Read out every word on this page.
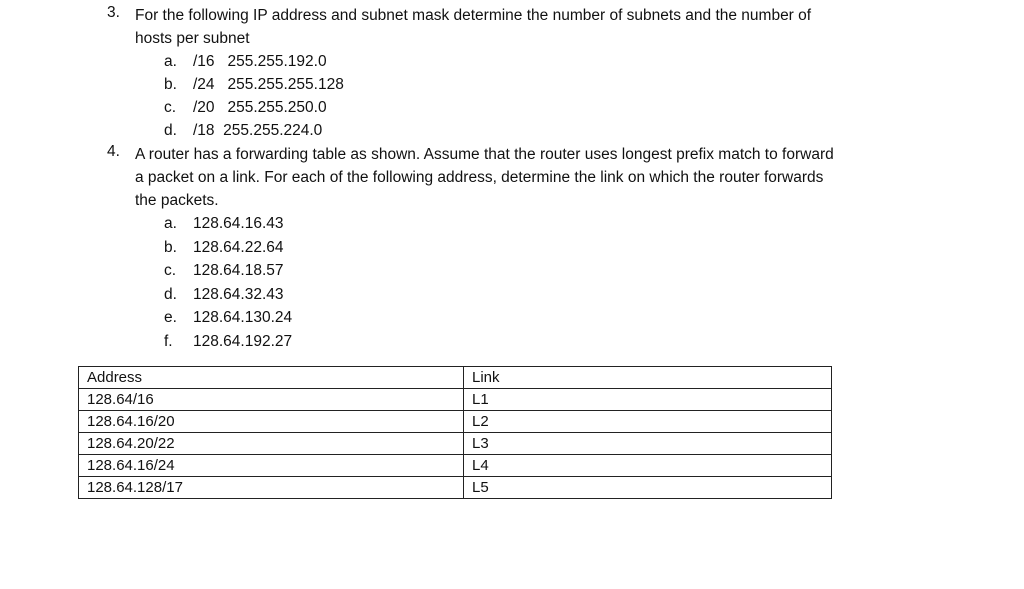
3. For the following IP address and subnet mask determine the number of subnets and the number of hosts per subnet
a. /16   255.255.192.0
b. /24   255.255.255.128
c. /20   255.255.250.0
d. /18  255.255.224.0
4. A router has a forwarding table as shown. Assume that the router uses longest prefix match to forward a packet on a link. For each of the following address, determine the link on which the router forwards the packets.
a. 128.64.16.43
b. 128.64.22.64
c. 128.64.18.57
d. 128.64.32.43
e. 128.64.130.24
f. 128.64.192.27
Address	Link
128.64/16	L1
128.64.16/20	L2
128.64.20/22	L3
128.64.16/24	L4
128.64.128/17	L5
